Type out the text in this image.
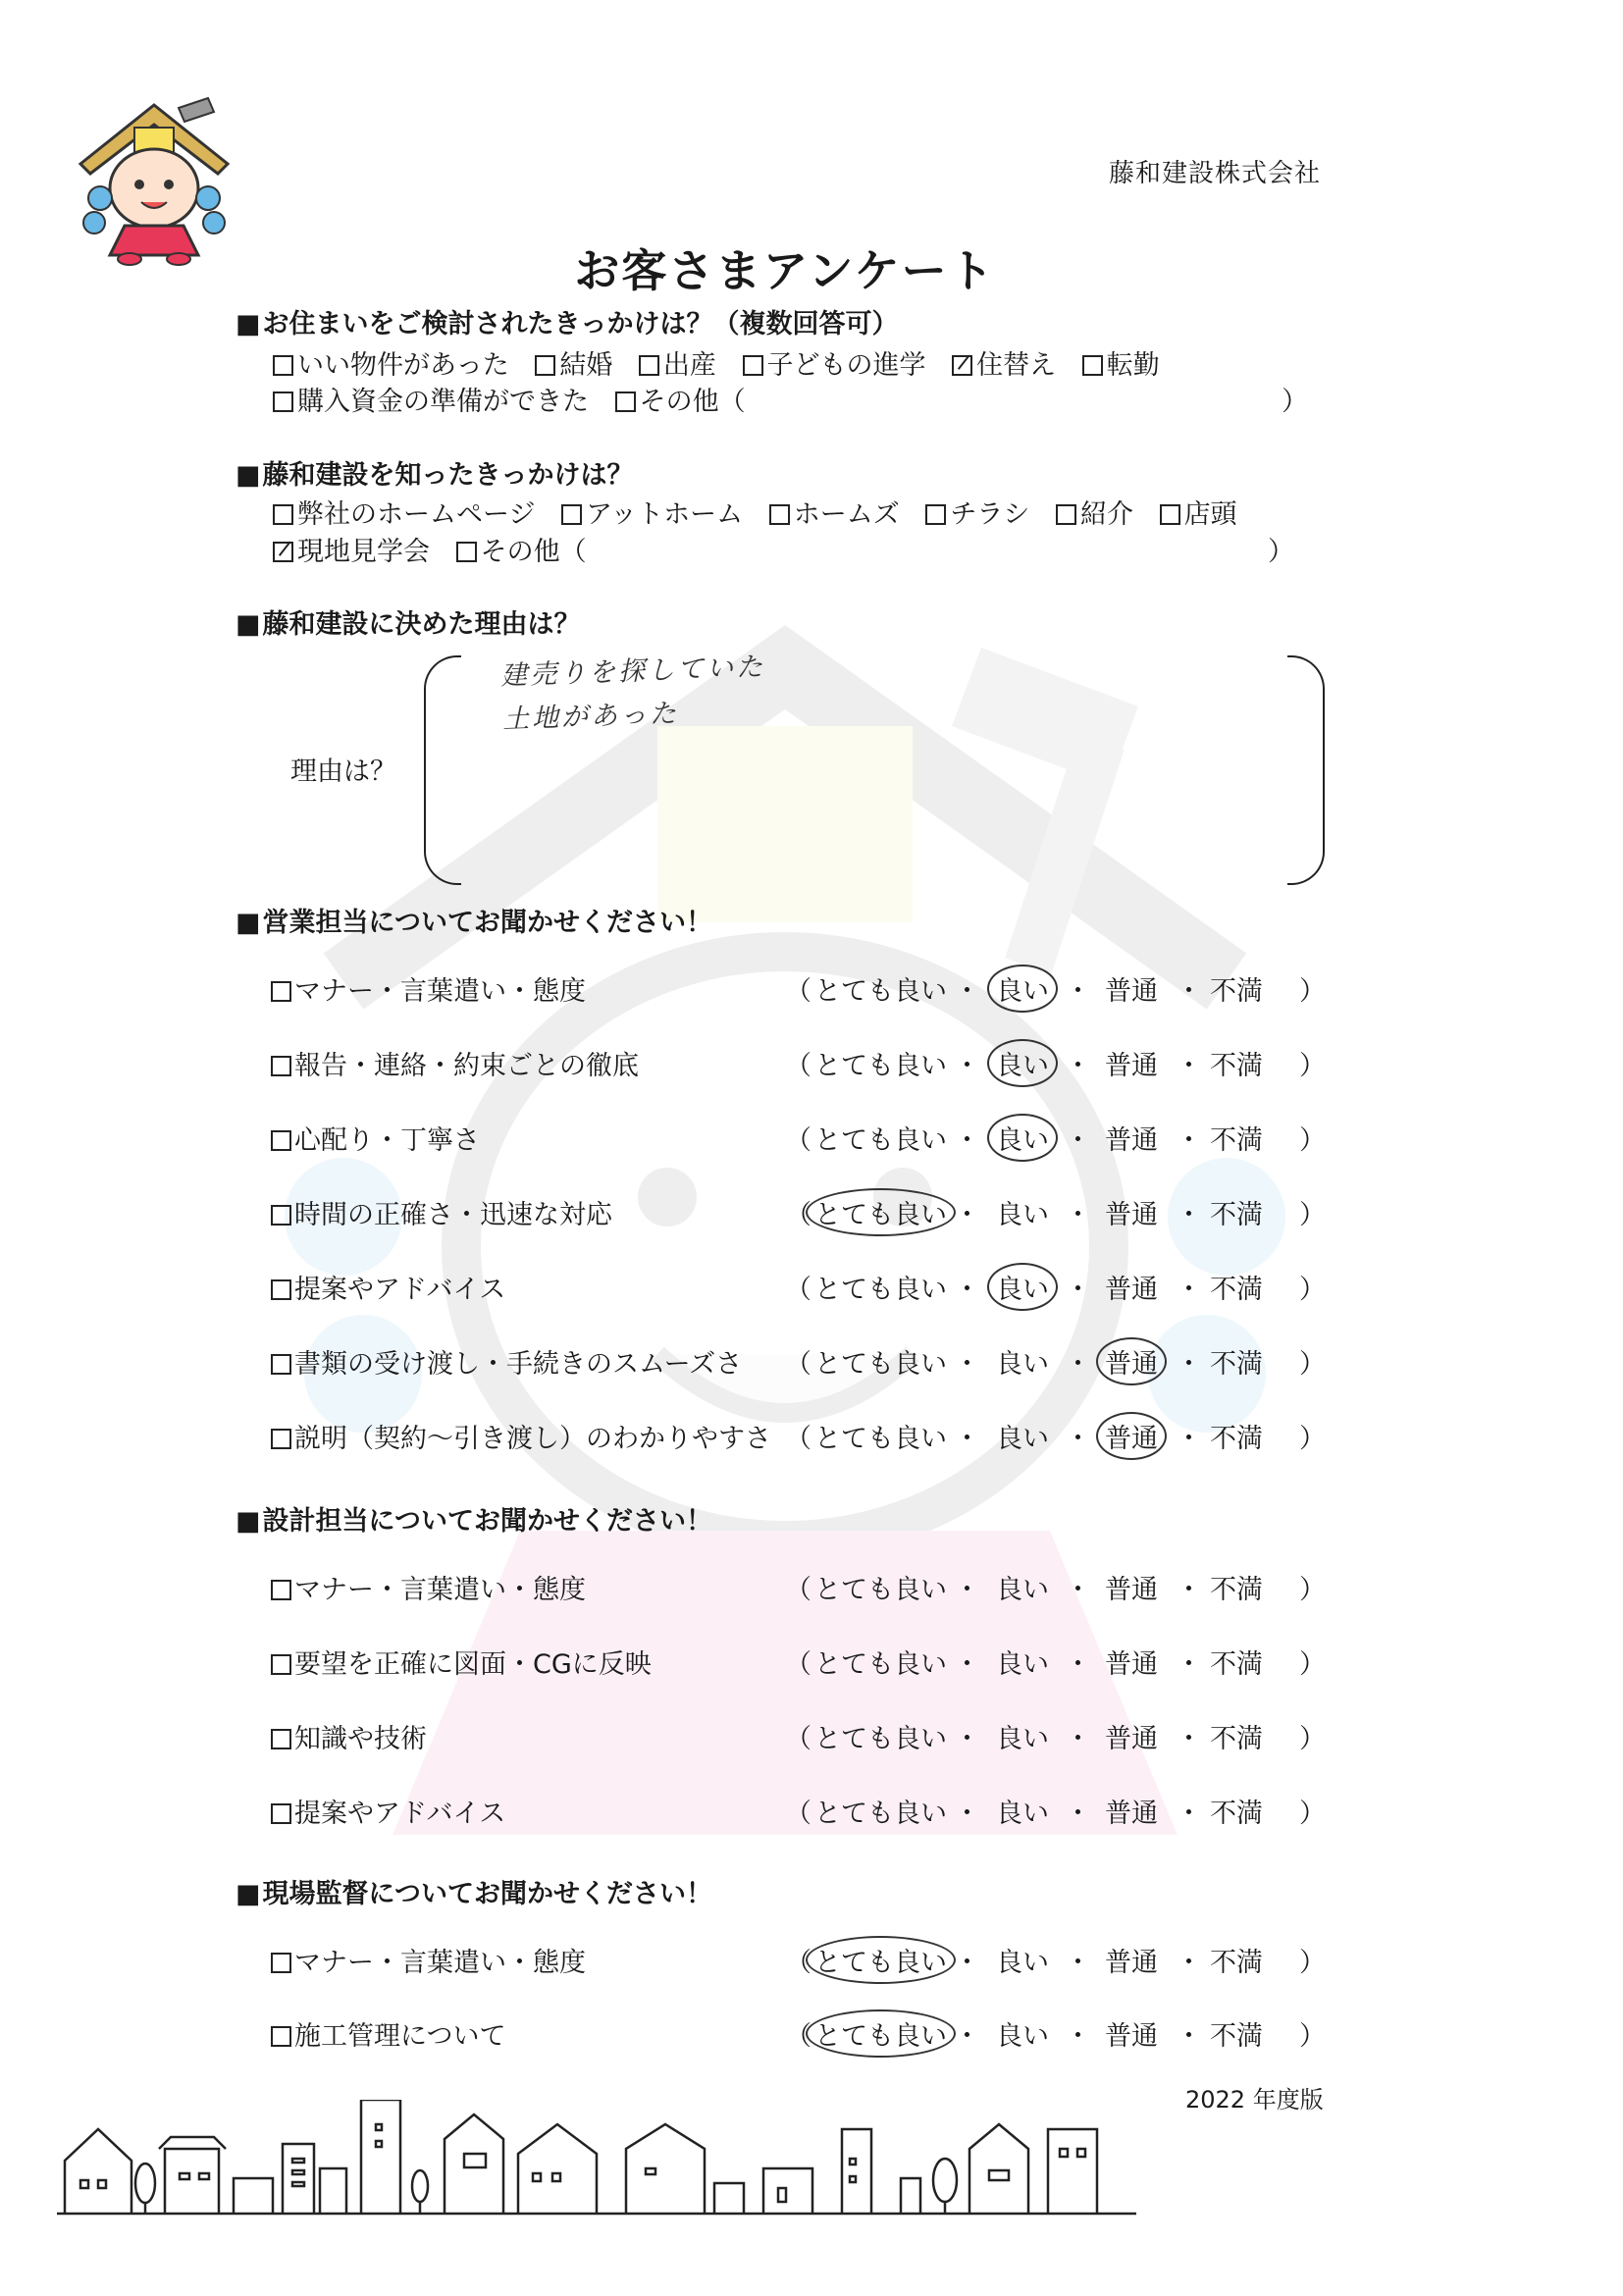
藤和建設株式会社
お客さまアンケート
■ お住まいをご検討されたきっかけは？（複数回答可）
いい物件があった 結婚 出産 子どもの進学 住替え 転勤
購入資金の準備ができた その他（	）
■ 藤和建設を知ったきっかけは？
弊社のホームページ アットホーム ホームズ チラシ 紹介 店頭
現地見学会 その他（	）
■ 藤和建設に決めた理由は？
理由は？
建売りを探していた
土地があった
■ 営業担当についてお聞かせください！
■ 設計担当についてお聞かせください！
■ 現場監督についてお聞かせください！
2022 年度版
マナー・言葉遣い・態度	（ とても良い ・ 良い ・ 普通 ・ 不満 ）
報告・連絡・約束ごとの徹底	（ とても良い ・ 良い ・ 普通 ・ 不満 ）
心配り・丁寧さ	（ とても良い ・ 良い ・ 普通 ・ 不満 ）
時間の正確さ・迅速な対応	（ とても良い ・ 良い ・ 普通 ・ 不満 ）
提案やアドバイス	（ とても良い ・ 良い ・ 普通 ・ 不満 ）
書類の受け渡し・手続きのスムーズさ （ とても良い ・ 良い ・ 普通 ・ 不満 ）
説明（契約～引き渡し）のわかりやすさ （ とても良い ・ 良い ・ 普通 ・ 不満 ）
マナー・言葉遣い・態度	（ とても良い ・ 良い ・ 普通 ・ 不満 ）
要望を正確に図面・CGに反映	（ とても良い ・ 良い ・ 普通 ・ 不満 ）
知識や技術	（ とても良い ・ 良い ・ 普通 ・ 不満 ）
提案やアドバイス	（ とても良い ・ 良い ・ 普通 ・ 不満 ）
マナー・言葉遣い・態度	（ とても良い ・ 良い ・ 普通 ・ 不満 ）
施工管理について	（ とても良い ・ 良い ・ 普通 ・ 不満 ）
